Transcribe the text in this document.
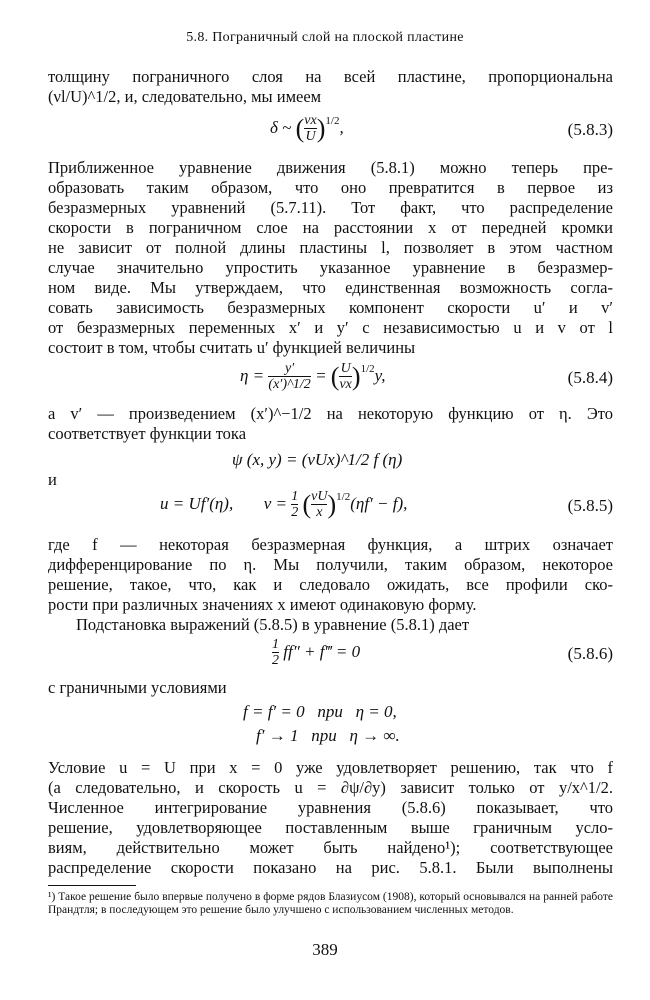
5.8. Пограничный слой на плоской пластине
толщину пограничного слоя на всей пластине, пропорциональна
(νl/U)^1/2, и, следовательно, мы имеем
δ ~ ( $\frac{\nu x}{U} )^{1/2}$,	(5.8.3)
Приближенное уравнение движения (5.8.1) можно теперь пре-
образовать таким образом, что оно превратится в первое из
безразмерных уравнений (5.7.11). Тот факт, что распределение
скорости в пограничном слое на расстоянии x от передней кромки
не зависит от полной длины пластины l, позволяет в этом частном
случае значительно упростить указанное уравнение в безразмер-
ном виде. Мы утверждаем, что единственная возможность согла-
совать зависимость безразмерных компонент скорости u′ и v′
от безразмерных переменных x′ и y′ с независимостью u и v от l
состоит в том, чтобы считать u′ функцией величины
$\eta = \frac{y'}{(x')\^{}1/2}$ = ( $\frac{U}{\nu x} )^{1/2}y$,	(5.8.4)
а v′ — произведением (x′)^−1/2 на некоторую функцию от η. Это
соответствует функции тока
ψ (x, y) = (νUx)^1/2 f (η)
и
u = Uf′(η), $v = \frac{1}{2}$ ( $\frac{\nu U}{x} )^{1/2}(\eta f' - f)$,	(5.8.5)
где f — некоторая безразмерная функция, а штрих означает
дифференцирование по η. Мы получили, таким образом, некоторое
решение, такое, что, как и следовало ожидать, все профили ско-
рости при различных значениях x имеют одинаковую форму.
Подстановка выражений (5.8.5) в уравнение (5.8.1) дает
$\frac{1}{2} ff''$ + f‴ = 0	(5.8.6)
с граничными условиями
f = f′ = 0   при   η = 0,
f′ → 1   при   η → ∞.
Условие u = U при x = 0 уже удовлетворяет решению, так что f
(а следовательно, и скорость u = ∂ψ/∂y) зависит только от y/x^1/2.
Численное интегрирование уравнения (5.8.6) показывает, что
решение, удовлетворяющее поставленным выше граничным усло-
виям, действительно может быть найдено¹); соответствующее
распределение скорости показано на рис. 5.8.1. Были выполнены
¹) Такое решение было впервые получено в форме рядов Блазиусом (1908), который основывался на ранней работе Прандтля; в последующем это решение было улучшено с использованием численных методов.
389
